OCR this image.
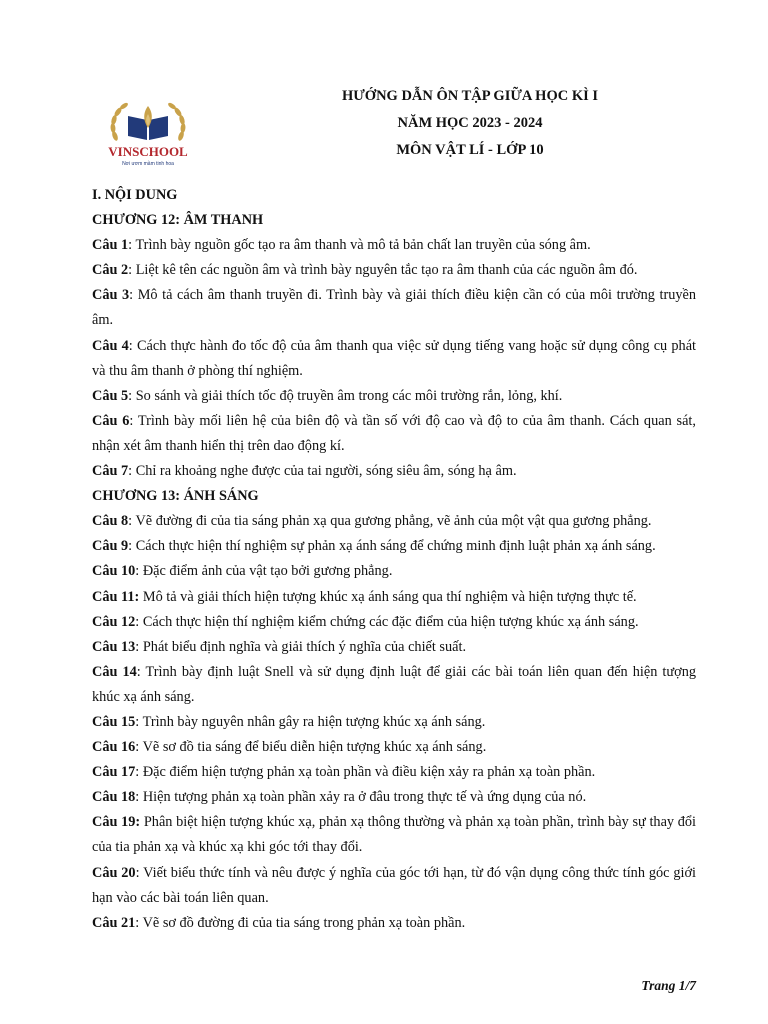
VINSCHOOL
Nơi ươm mầm tinh hoa
HƯỚNG DẪN ÔN TẬP GIỮA HỌC KÌ I
NĂM HỌC 2023 - 2024
MÔN VẬT LÍ - LỚP 10
I. NỘI DUNG
CHƯƠNG 12: ÂM THANH
Câu 1: Trình bày nguồn gốc tạo ra âm thanh và mô tả bản chất lan truyền của sóng âm.
Câu 2: Liệt kê tên các nguồn âm và trình bày nguyên tắc tạo ra âm thanh của các nguồn âm đó.
Câu 3: Mô tả cách âm thanh truyền đi. Trình bày và giải thích điều kiện cần có của môi trường truyền âm.
Câu 4: Cách thực hành đo tốc độ của âm thanh qua việc sử dụng tiếng vang hoặc sử dụng công cụ phát và thu âm thanh ở phòng thí nghiệm.
Câu 5: So sánh và giải thích tốc độ truyền âm trong các môi trường rắn, lỏng, khí.
Câu 6: Trình bày mối liên hệ của biên độ và tần số với độ cao và độ to của âm thanh. Cách quan sát, nhận xét âm thanh hiển thị trên dao động kí.
Câu 7: Chỉ ra khoảng nghe được của tai người, sóng siêu âm, sóng hạ âm.
CHƯƠNG 13: ÁNH SÁNG
Câu 8: Vẽ đường đi của tia sáng phản xạ qua gương phẳng, vẽ ảnh của một vật qua gương phẳng.
Câu 9: Cách thực hiện thí nghiệm sự phản xạ ánh sáng để chứng minh định luật phản xạ ánh sáng.
Câu 10: Đặc điểm ảnh của vật tạo bởi gương phẳng.
Câu 11: Mô tả và giải thích hiện tượng khúc xạ ánh sáng qua thí nghiệm và hiện tượng thực tế.
Câu 12: Cách thực hiện thí nghiệm kiểm chứng các đặc điểm của hiện tượng khúc xạ ánh sáng.
Câu 13: Phát biểu định nghĩa và giải thích ý nghĩa của chiết suất.
Câu 14: Trình bày định luật Snell và sử dụng định luật để giải các bài toán liên quan đến hiện tượng khúc xạ ánh sáng.
Câu 15: Trình bày nguyên nhân gây ra hiện tượng khúc xạ ánh sáng.
Câu 16: Vẽ sơ đồ tia sáng để biểu diễn hiện tượng khúc xạ ánh sáng.
Câu 17: Đặc điểm hiện tượng phản xạ toàn phần và điều kiện xảy ra phản xạ toàn phần.
Câu 18: Hiện tượng phản xạ toàn phần xảy ra ở đâu trong thực tế và ứng dụng của nó.
Câu 19: Phân biệt hiện tượng khúc xạ, phản xạ thông thường và phản xạ toàn phần, trình bày sự thay đổi của tia phản xạ và khúc xạ khi góc tới thay đổi.
Câu 20: Viết biểu thức tính và nêu được ý nghĩa của góc tới hạn, từ đó vận dụng công thức tính góc giới hạn vào các bài toán liên quan.
Câu 21: Vẽ sơ đồ đường đi của tia sáng trong phản xạ toàn phần.
Trang 1/7
